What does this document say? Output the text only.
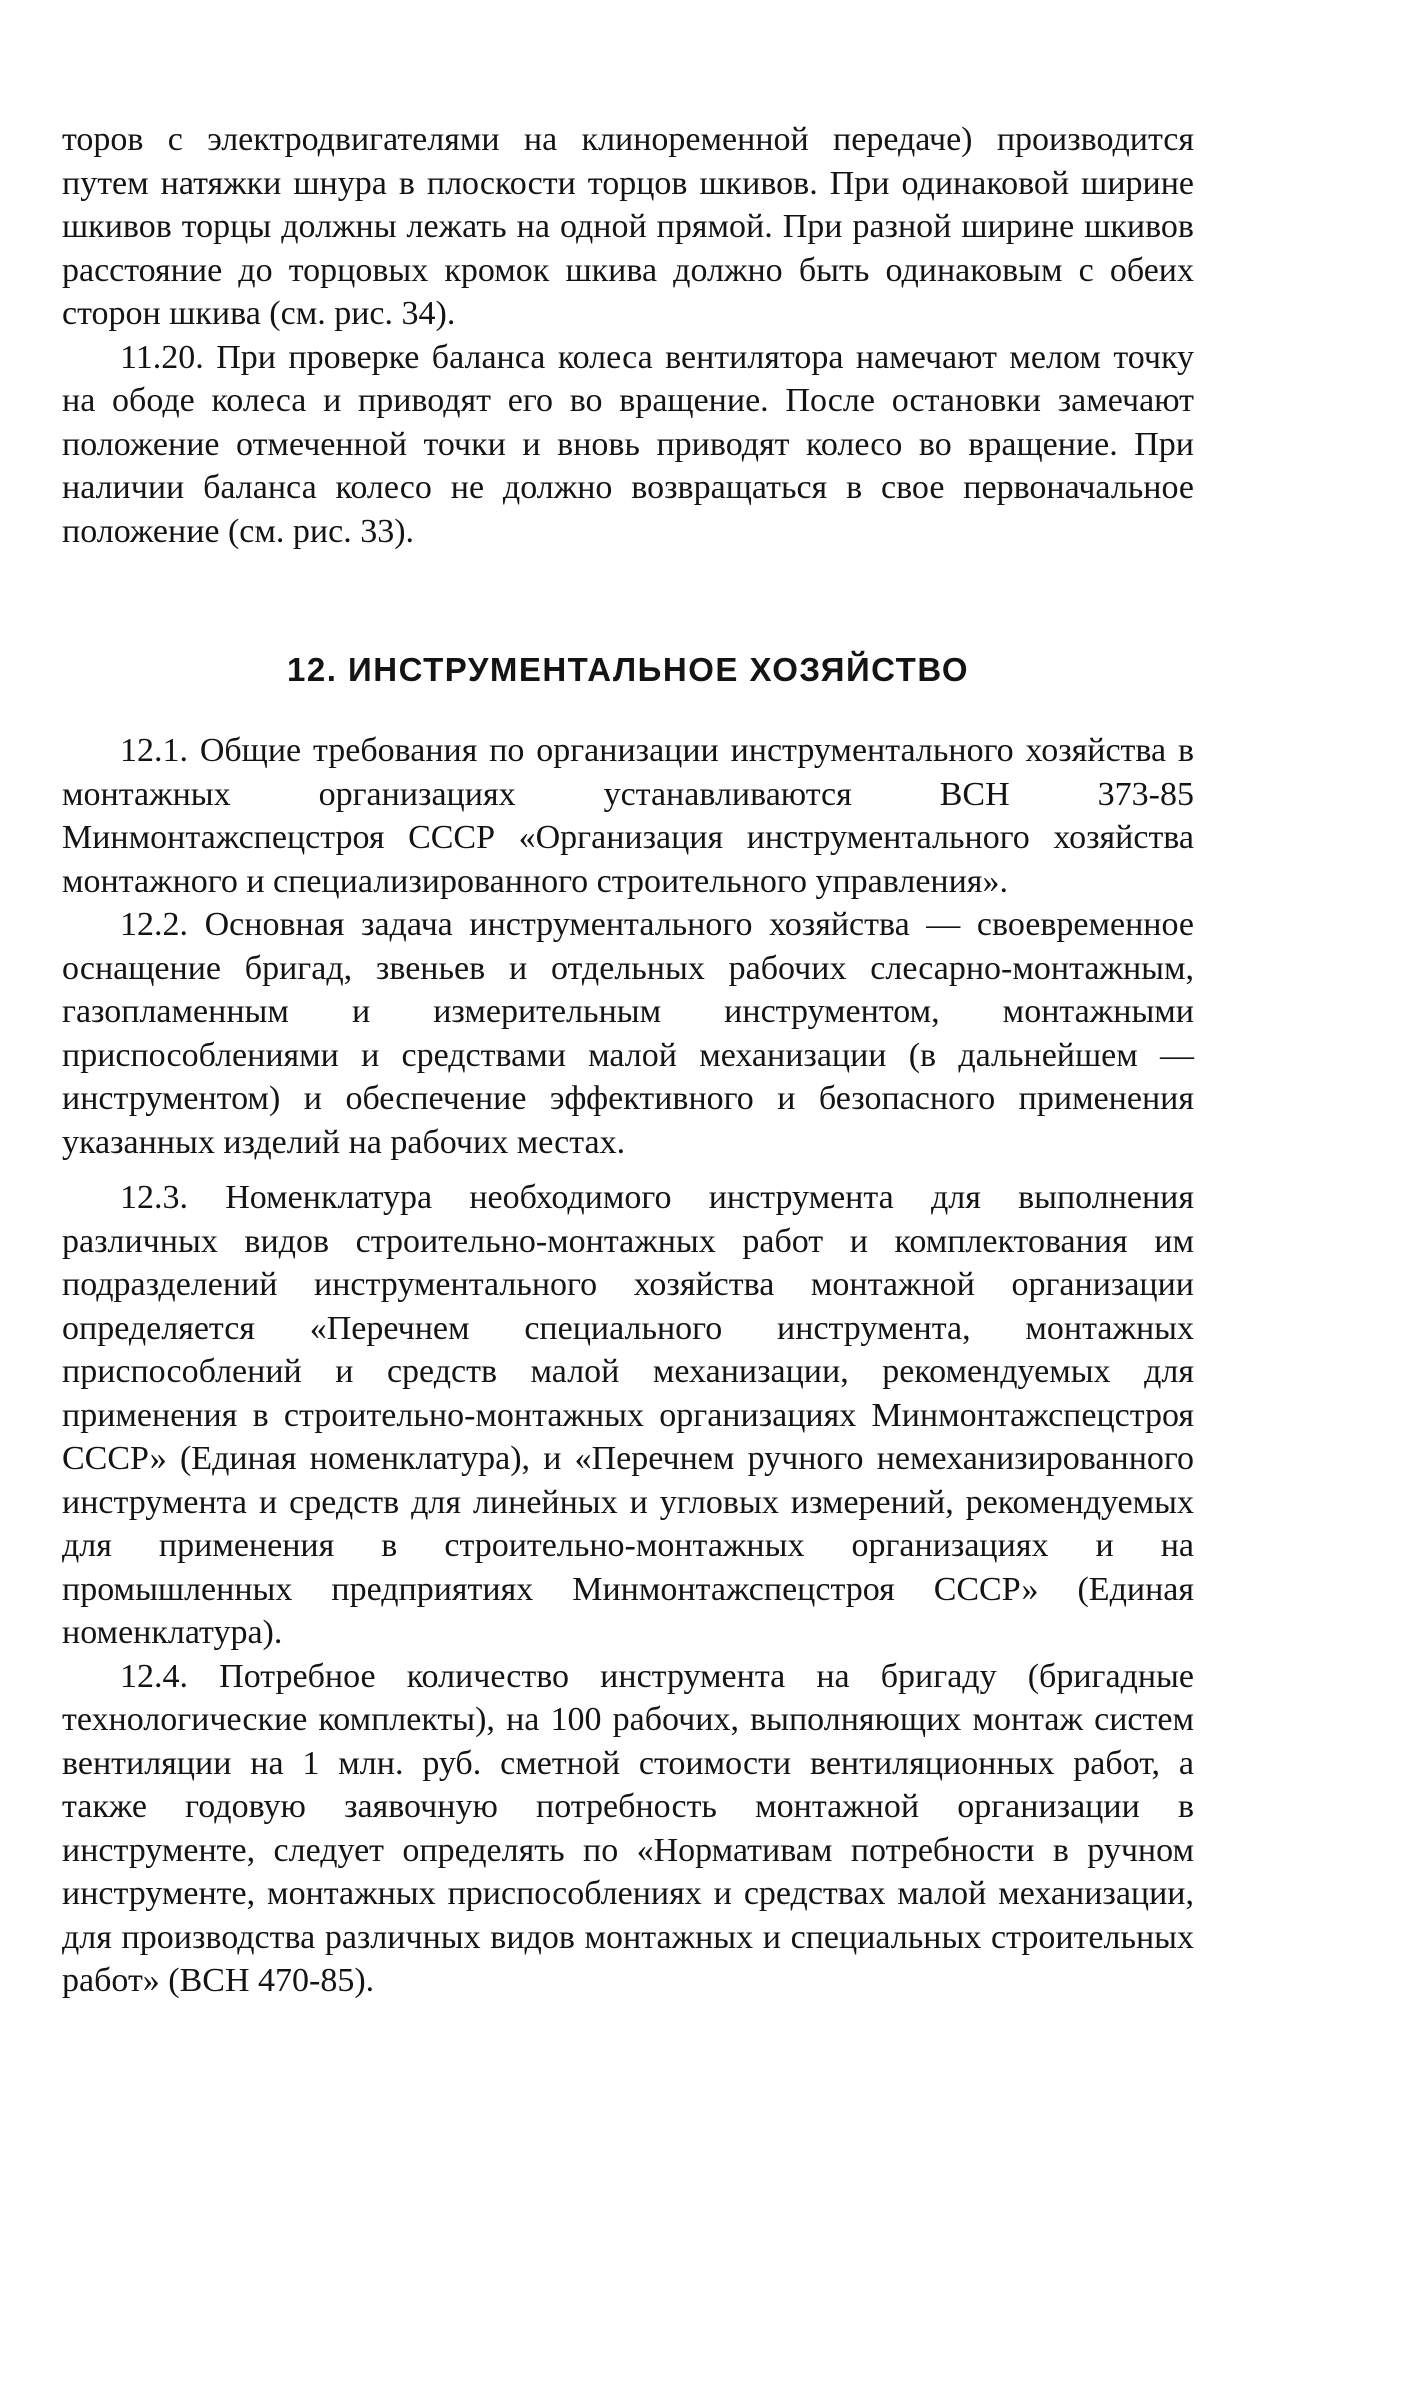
торов с электродвигателями на клиноременной передаче) производится путем натяжки шнура в плоскости торцов шкивов. При одинаковой ширине шкивов торцы должны лежать на одной прямой. При разной ширине шкивов расстояние до торцовых кромок шкива должно быть одинаковым с обеих сторон шкива (см. рис. 34).

11.20. При проверке баланса колеса вентилятора намечают мелом точку на ободе колеса и приводят его во вращение. После остановки замечают положение отмеченной точки и вновь приводят колесо во вращение. При наличии баланса колесо не должно возвращаться в свое первоначальное положение (см. рис. 33).

12. ИНСТРУМЕНТАЛЬНОЕ ХОЗЯЙСТВО

12.1. Общие требования по организации инструментального хозяйства в монтажных организациях устанавливаются ВСН 373-85 Минмонтажспецстроя СССР «Организация инструментального хозяйства монтажного и специализированного строительного управления».

12.2. Основная задача инструментального хозяйства — своевременное оснащение бригад, звеньев и отдельных рабочих слесарно-монтажным, газопламенным и измерительным инструментом, монтажными приспособлениями и средствами малой механизации (в дальнейшем — инструментом) и обеспечение эффективного и безопасного применения указанных изделий на рабочих местах.

12.3. Номенклатура необходимого инструмента для выполнения различных видов строительно-монтажных работ и комплектования им подразделений инструментального хозяйства монтажной организации определяется «Перечнем специального инструмента, монтажных приспособлений и средств малой механизации, рекомендуемых для применения в строительно-монтажных организациях Минмонтажспецстроя СССР» (Единая номенклатура), и «Перечнем ручного немеханизированного инструмента и средств для линейных и угловых измерений, рекомендуемых для применения в строительно-монтажных организациях и на промышленных предприятиях Минмонтажспецстроя СССР» (Единая номенклатура).

12.4. Потребное количество инструмента на бригаду (бригадные технологические комплекты), на 100 рабочих, выполняющих монтаж систем вентиляции на 1 млн. руб. сметной стоимости вентиляционных работ, а также годовую заявочную потребность монтажной организации в инструменте, следует определять по «Нормативам потребности в ручном инструменте, монтажных приспособлениях и средствах малой механизации, для производства различных видов монтажных и специальных строительных работ» (ВСН 470-85).
